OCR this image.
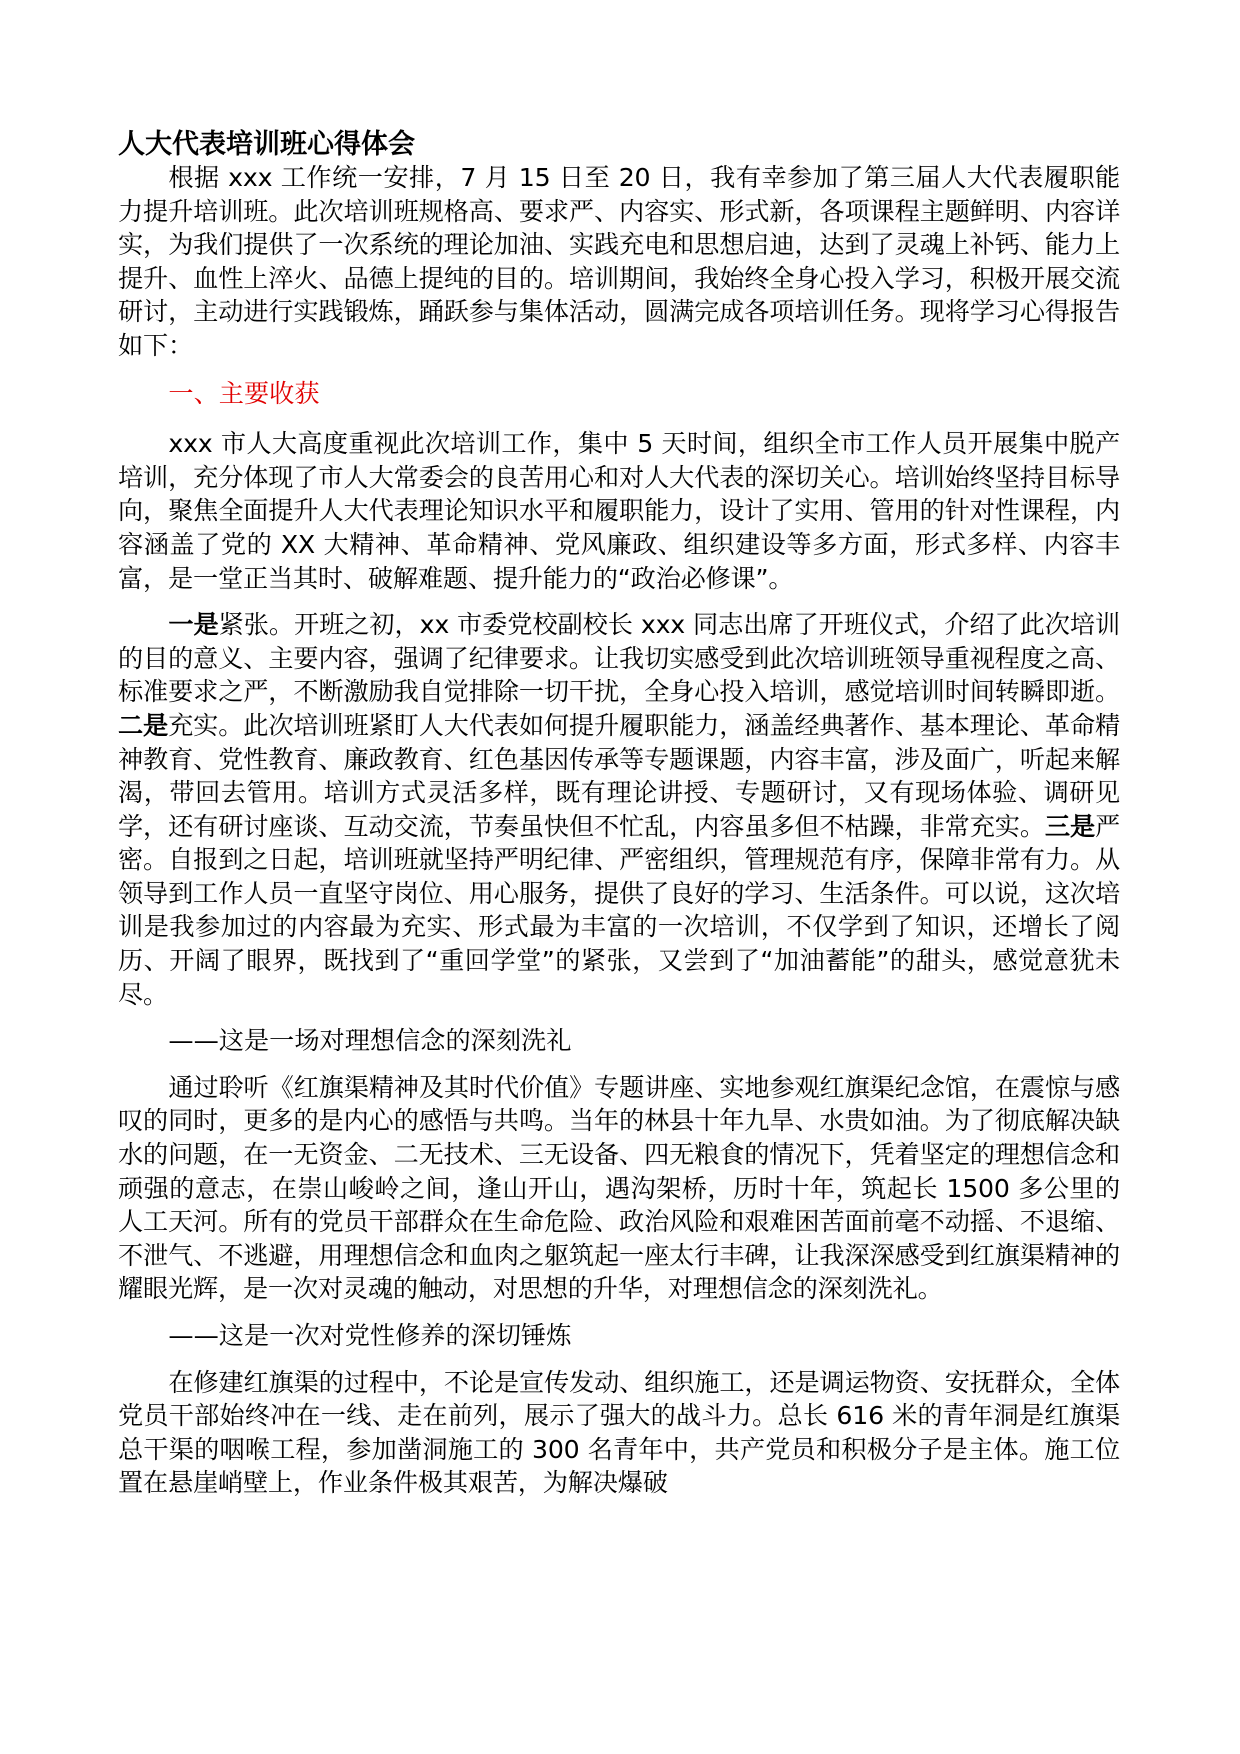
人大代表培训班心得体会

根据 xxx 工作统一安排，7 月 15 日至 20 日，我有幸参加了第三届人大代表履职能力提升培训班。此次培训班规格高、要求严、内容实、形式新，各项课程主题鲜明、内容详实，为我们提供了一次系统的理论加油、实践充电和思想启迪，达到了灵魂上补钙、能力上提升、血性上淬火、品德上提纯的目的。培训期间，我始终全身心投入学习，积极开展交流研讨，主动进行实践锻炼，踊跃参与集体活动，圆满完成各项培训任务。现将学习心得报告如下：

一、主要收获

xxx 市人大高度重视此次培训工作，集中 5 天时间，组织全市工作人员开展集中脱产培训，充分体现了市人大常委会的良苦用心和对人大代表的深切关心。培训始终坚持目标导向，聚焦全面提升人大代表理论知识水平和履职能力，设计了实用、管用的针对性课程，内容涵盖了党的 XX 大精神、革命精神、党风廉政、组织建设等多方面，形式多样、内容丰富，是一堂正当其时、破解难题、提升能力的“政治必修课”。

一是紧张。开班之初，xx 市委党校副校长 xxx 同志出席了开班仪式，介绍了此次培训的目的意义、主要内容，强调了纪律要求。让我切实感受到此次培训班领导重视程度之高、标准要求之严，不断激励我自觉排除一切干扰，全身心投入培训，感觉培训时间转瞬即逝。二是充实。此次培训班紧盯人大代表如何提升履职能力，涵盖经典著作、基本理论、革命精神教育、党性教育、廉政教育、红色基因传承等专题课题，内容丰富，涉及面广，听起来解渴，带回去管用。培训方式灵活多样，既有理论讲授、专题研讨，又有现场体验、调研见学，还有研讨座谈、互动交流，节奏虽快但不忙乱，内容虽多但不枯躁，非常充实。三是严密。自报到之日起，培训班就坚持严明纪律、严密组织，管理规范有序，保障非常有力。从领导到工作人员一直坚守岗位、用心服务，提供了良好的学习、生活条件。可以说，这次培训是我参加过的内容最为充实、形式最为丰富的一次培训，不仅学到了知识，还增长了阅历、开阔了眼界，既找到了“重回学堂”的紧张，又尝到了“加油蓄能”的甜头，感觉意犹未尽。

——这是一场对理想信念的深刻洗礼

通过聆听《红旗渠精神及其时代价值》专题讲座、实地参观红旗渠纪念馆，在震惊与感叹的同时，更多的是内心的感悟与共鸣。当年的林县十年九旱、水贵如油。为了彻底解决缺水的问题，在一无资金、二无技术、三无设备、四无粮食的情况下，凭着坚定的理想信念和顽强的意志，在崇山峻岭之间，逢山开山，遇沟架桥，历时十年，筑起长 1500 多公里的人工天河。所有的党员干部群众在生命危险、政治风险和艰难困苦面前毫不动摇、不退缩、不泄气、不逃避，用理想信念和血肉之躯筑起一座太行丰碑，让我深深感受到红旗渠精神的耀眼光辉，是一次对灵魂的触动，对思想的升华，对理想信念的深刻洗礼。

——这是一次对党性修养的深切锤炼

在修建红旗渠的过程中，不论是宣传发动、组织施工，还是调运物资、安抚群众，全体党员干部始终冲在一线、走在前列，展示了强大的战斗力。总长 616 米的青年洞是红旗渠总干渠的咽喉工程，参加凿洞施工的 300 名青年中，共产党员和积极分子是主体。施工位置在悬崖峭壁上，作业条件极其艰苦，为解决爆破
